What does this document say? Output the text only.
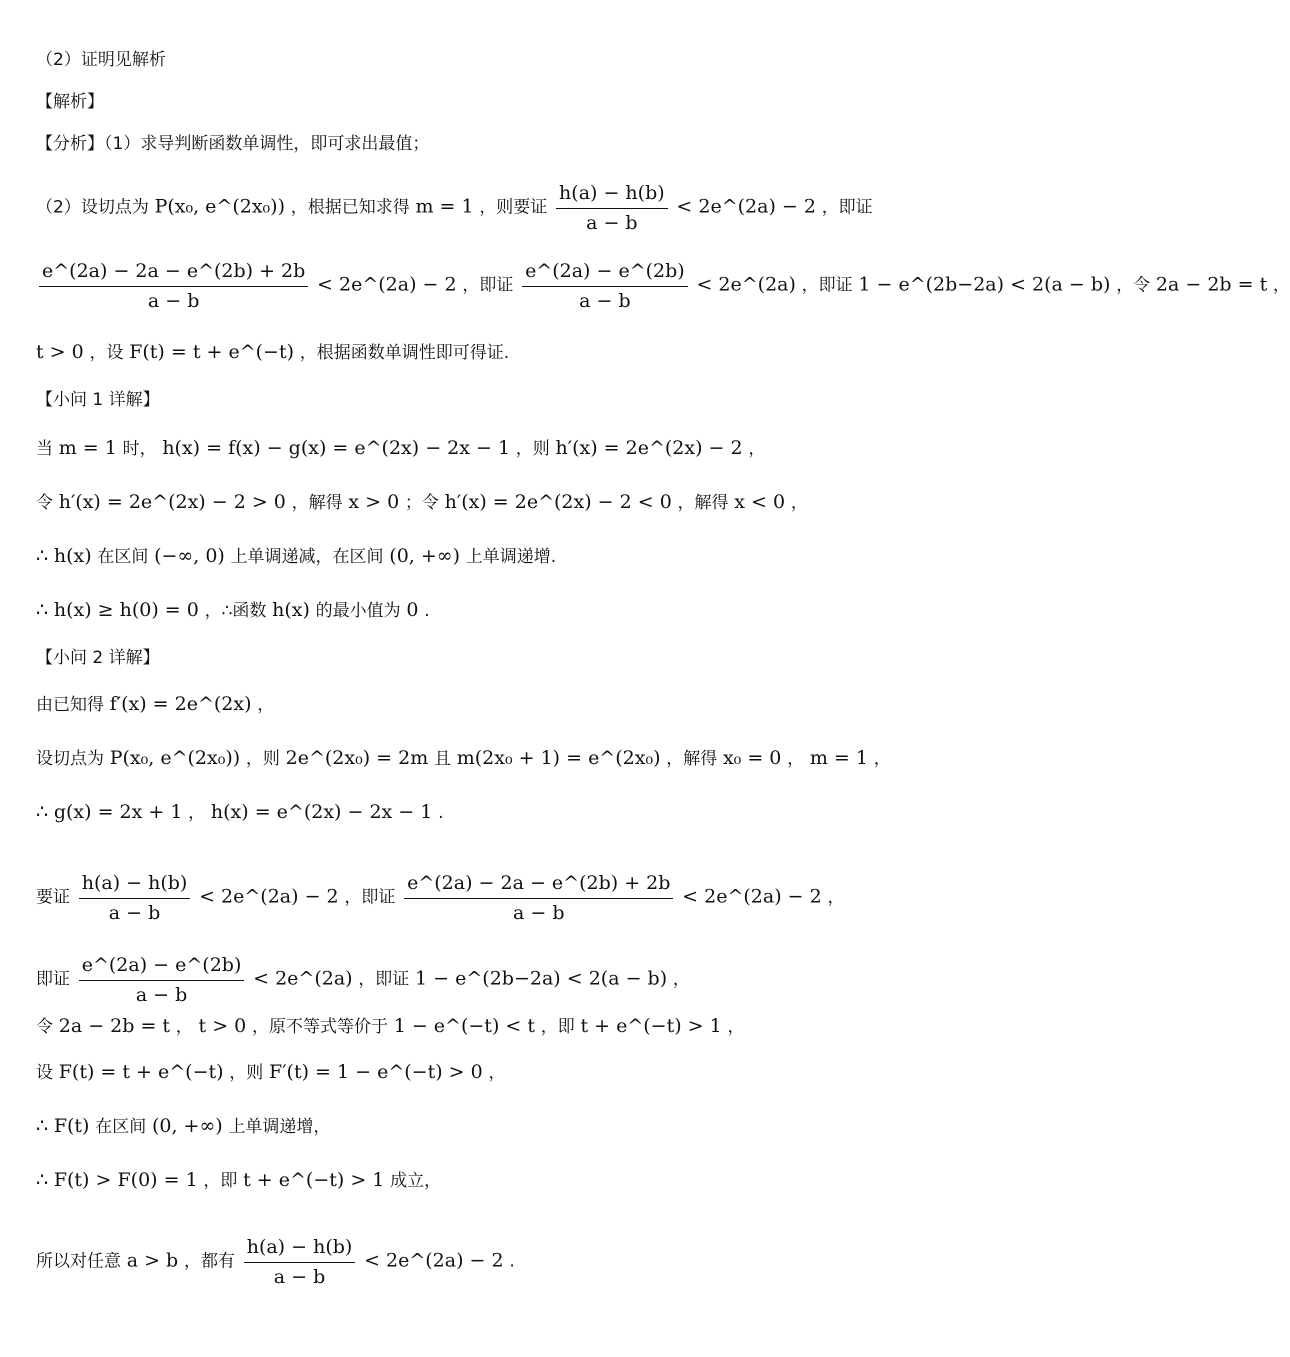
（2）证明见解析
【解析】
【分析】（1）求导判断函数单调性，即可求出最值；
（2）设切点为 P(x₀, e^(2x₀)) ，根据已知求得 m = 1 ，则要证 $\frac{h(a) - h(b)}{a - b}$ < 2e^(2a) − 2 ，即证
$\frac{e\^{}(2a) - 2a - e\^{}(2b) + 2b}{a - b}$ < 2e^(2a) − 2 ，即证 $\frac{e\^{}(2a) - e\^{}(2b)}{a - b}$ < 2e^(2a) ，即证 1 − e^(2b−2a) < 2(a − b) ，令 2a − 2b = t ，
t > 0 ，设 F(t) = t + e^(−t) ，根据函数单调性即可得证.
【小问 1 详解】
当 m = 1 时， h(x) = f(x) − g(x) = e^(2x) − 2x − 1 ，则 h′(x) = 2e^(2x) − 2 ，
令 h′(x) = 2e^(2x) − 2 > 0 ，解得 x > 0 ；令 h′(x) = 2e^(2x) − 2 < 0 ，解得 x < 0 ，
∴ h(x) 在区间 (−∞, 0) 上单调递减，在区间 (0, +∞) 上单调递增.
∴ h(x) ≥ h(0) = 0 ，∴函数 h(x) 的最小值为 0 .
【小问 2 详解】
由已知得 f′(x) = 2e^(2x) ，
设切点为 P(x₀, e^(2x₀)) ，则 2e^(2x₀) = 2m 且 m(2x₀ + 1) = e^(2x₀) ，解得 x₀ = 0 ， m = 1 ，
∴ g(x) = 2x + 1 ， h(x) = e^(2x) − 2x − 1 .
要证 $\frac{h(a) - h(b)}{a - b}$ < 2e^(2a) − 2 ，即证 $\frac{e\^{}(2a) - 2a - e\^{}(2b) + 2b}{a - b}$ < 2e^(2a) − 2 ，
即证 $\frac{e\^{}(2a) - e\^{}(2b)}{a - b}$ < 2e^(2a) ，即证 1 − e^(2b−2a) < 2(a − b) ，
令 2a − 2b = t ， t > 0 ，原不等式等价于 1 − e^(−t) < t ，即 t + e^(−t) > 1 ，
设 F(t) = t + e^(−t) ，则 F′(t) = 1 − e^(−t) > 0 ，
∴ F(t) 在区间 (0, +∞) 上单调递增，
∴ F(t) > F(0) = 1 ，即 t + e^(−t) > 1 成立，
所以对任意 a > b ，都有 $\frac{h(a) - h(b)}{a - b}$ < 2e^(2a) − 2 .
